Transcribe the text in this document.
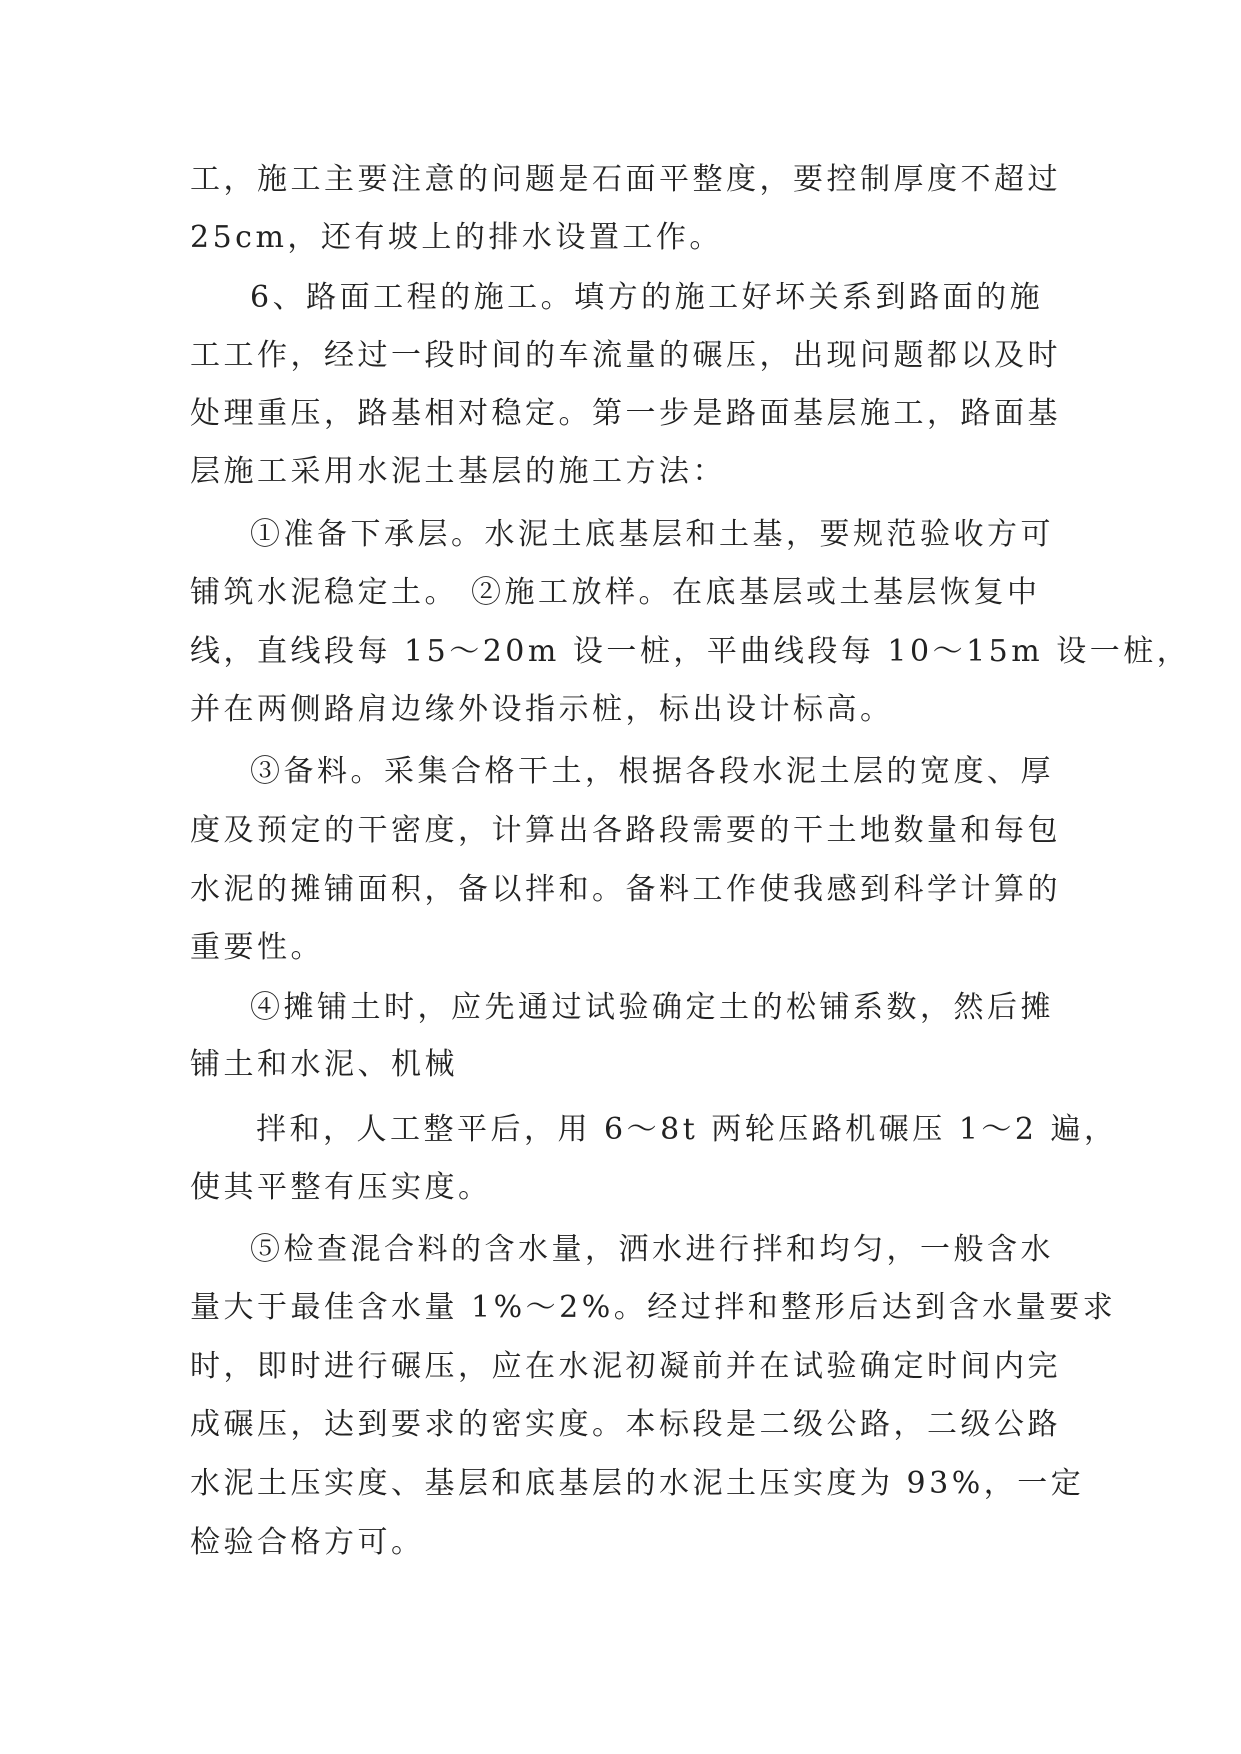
工，施工主要注意的问题是石面平整度，要控制厚度不超过
25cm，还有坡上的排水设置工作。
6、路面工程的施工。填方的施工好坏关系到路面的施
工工作，经过一段时间的车流量的碾压，出现问题都以及时
处理重压，路基相对稳定。第一步是路面基层施工，路面基
层施工采用水泥土基层的施工方法：
①准备下承层。水泥土底基层和土基，要规范验收方可
铺筑水泥稳定土。 ②施工放样。在底基层或土基层恢复中
线，直线段每 15～20m 设一桩，平曲线段每 10～15m 设一桩，
并在两侧路肩边缘外设指示桩，标出设计标高。
③备料。采集合格干土，根据各段水泥土层的宽度、厚
度及预定的干密度，计算出各路段需要的干土地数量和每包
水泥的摊铺面积，备以拌和。备料工作使我感到科学计算的
重要性。
④摊铺土时，应先通过试验确定土的松铺系数，然后摊
铺土和水泥、机械
拌和，人工整平后，用 6～8t 两轮压路机碾压 1～2 遍，
使其平整有压实度。
⑤检查混合料的含水量，洒水进行拌和均匀，一般含水
量大于最佳含水量 1%～2%。经过拌和整形后达到含水量要求
时，即时进行碾压，应在水泥初凝前并在试验确定时间内完
成碾压，达到要求的密实度。本标段是二级公路，二级公路
水泥土压实度、基层和底基层的水泥土压实度为 93%，一定
检验合格方可。
